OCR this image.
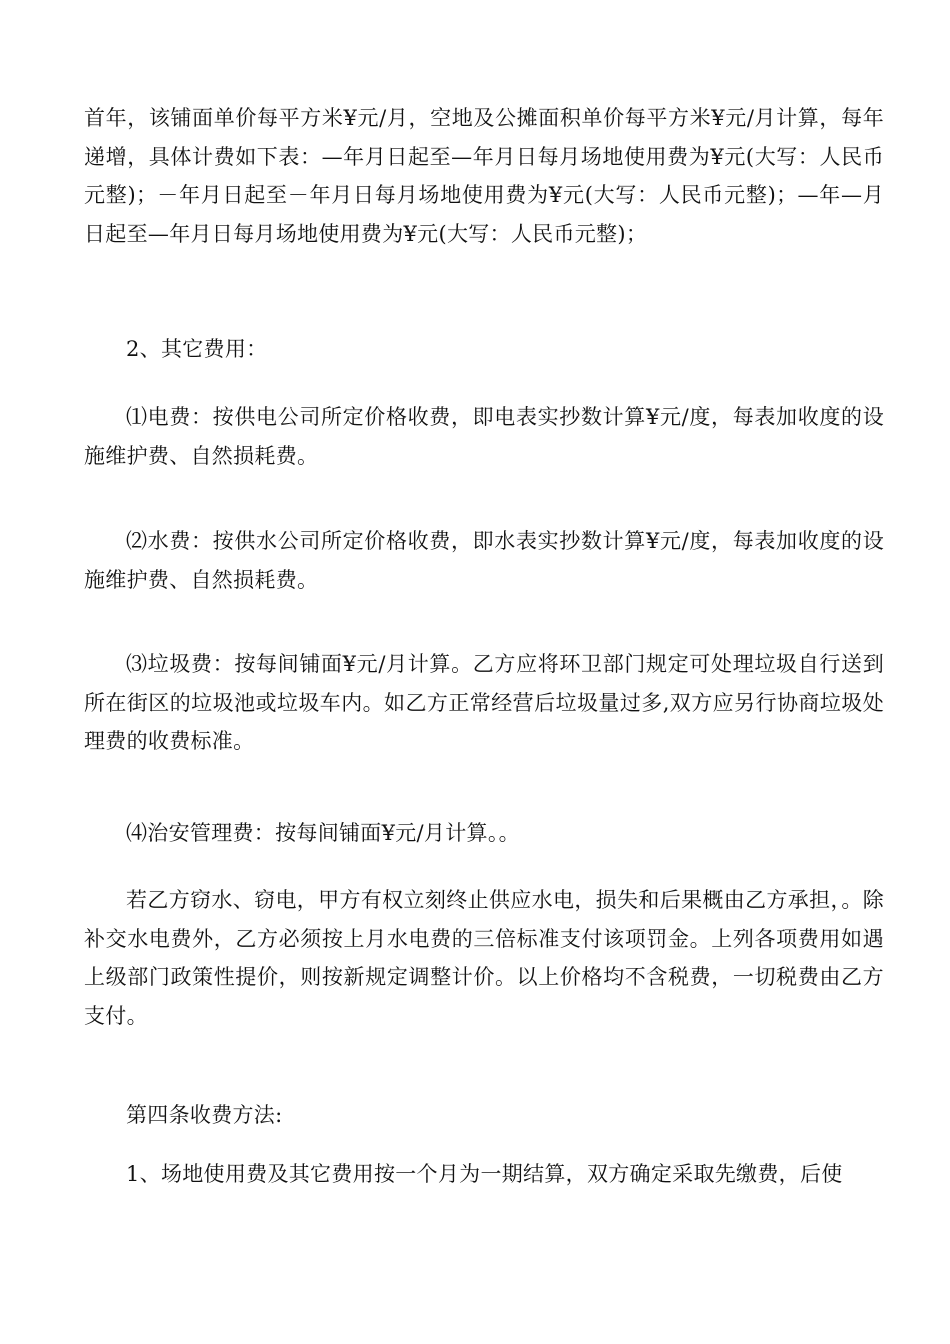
首年，该铺面单价每平方米¥元/月，空地及公摊面积单价每平方米¥元/月计算，每年递增，具体计费如下表：—年月日起至—年月日每月场地使用费为¥元(大写：人民币元整)；－年月日起至－年月日每月场地使用费为¥元(大写：人民币元整)；—年—月日起至—年月日每月场地使用费为¥元(大写：人民币元整)；
2、其它费用：
⑴电费：按供电公司所定价格收费，即电表实抄数计算¥元/度，每表加收度的设施维护费、自然损耗费。
⑵水费：按供水公司所定价格收费，即水表实抄数计算¥元/度，每表加收度的设施维护费、自然损耗费。
⑶垃圾费：按每间铺面¥元/月计算。乙方应将环卫部门规定可处理垃圾自行送到所在街区的垃圾池或垃圾车内。如乙方正常经营后垃圾量过多,双方应另行协商垃圾处理费的收费标准。
⑷治安管理费：按每间铺面¥元/月计算。。
若乙方窃水、窃电，甲方有权立刻终止供应水电，损失和后果概由乙方承担，。除补交水电费外，乙方必须按上月水电费的三倍标准支付该项罚金。上列各项费用如遇上级部门政策性提价，则按新规定调整计价。以上价格均不含税费，一切税费由乙方支付。
第四条收费方法:
1、场地使用费及其它费用按一个月为一期结算，双方确定采取先缴费，后使
